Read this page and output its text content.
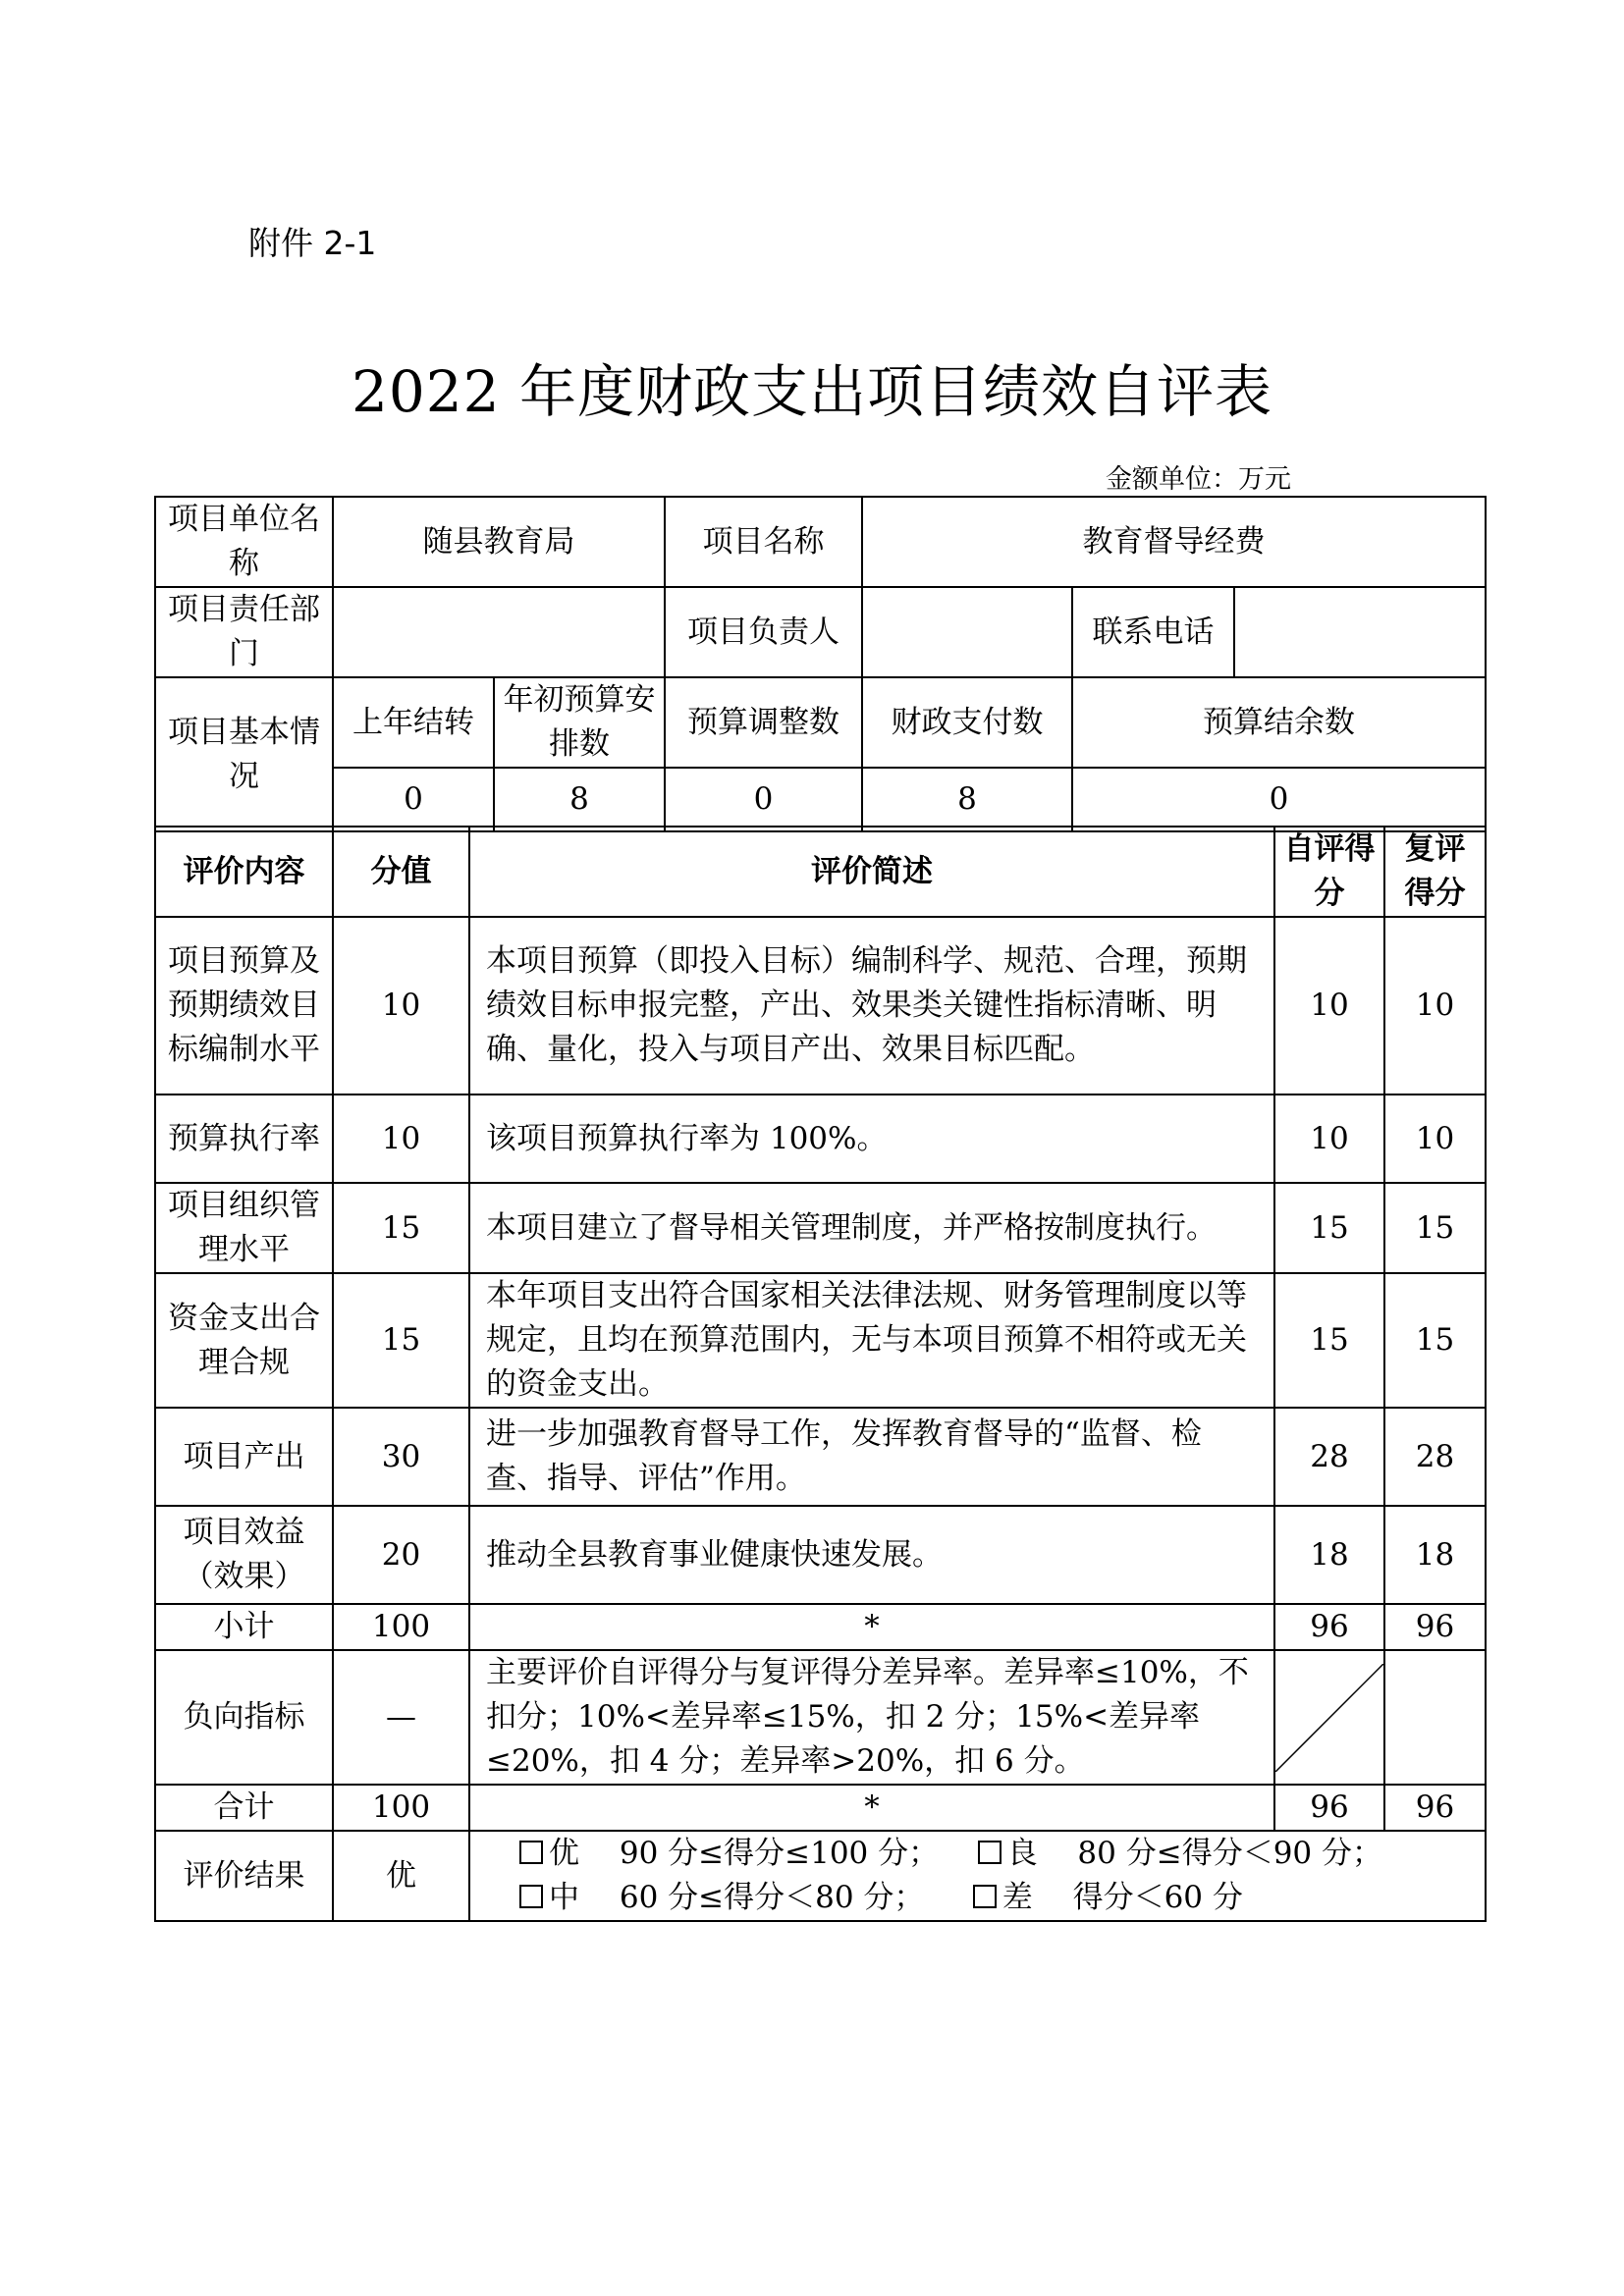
附件 2-1
2022 年度财政支出项目绩效自评表
金额单位：万元
项目单位名称	随县教育局		项目名称	教育督导经费		
项目责任部门			项目负责人		联系电话	
项目基本情况	上年结转	年初预算安排数	预算调整数	财政支付数	预算结余数	
	0	8	0	8	0	
评价内容	分值	评价简述	自评得分	复评得分
项目预算及预期绩效目标编制水平	10	本项目预算（即投入目标）编制科学、规范、合理，预期绩效目标申报完整，产出、效果类关键性指标清晰、明确、量化，投入与项目产出、效果目标匹配。	10	10
预算执行率	10	该项目预算执行率为 100%。	10	10
项目组织管理水平	15	本项目建立了督导相关管理制度，并严格按制度执行。	15	15
资金支出合理合规	15	本年项目支出符合国家相关法律法规、财务管理制度以等规定，且均在预算范围内，无与本项目预算不相符或无关的资金支出。	15	15
项目产出	30	进一步加强教育督导工作，发挥教育督导的“监督、检查、指导、评估”作用。	28	28
项目效益（效果）	20	推动全县教育事业健康快速发展。	18	18
小计	100	*	96	96
负向指标	—	主要评价自评得分与复评得分差异率。差异率≤10%，不扣分；10%<差异率≤15%，扣 2 分；15%<差异率≤20%，扣 4 分；差异率>20%，扣 6 分。	

合计	100	*	96	96
评价结果	优	优　 90 分≤得分≤100 分； 良　 80 分≤得分＜90 分；
中　 60 分≤得分＜80 分； 差　 得分＜60 分		
